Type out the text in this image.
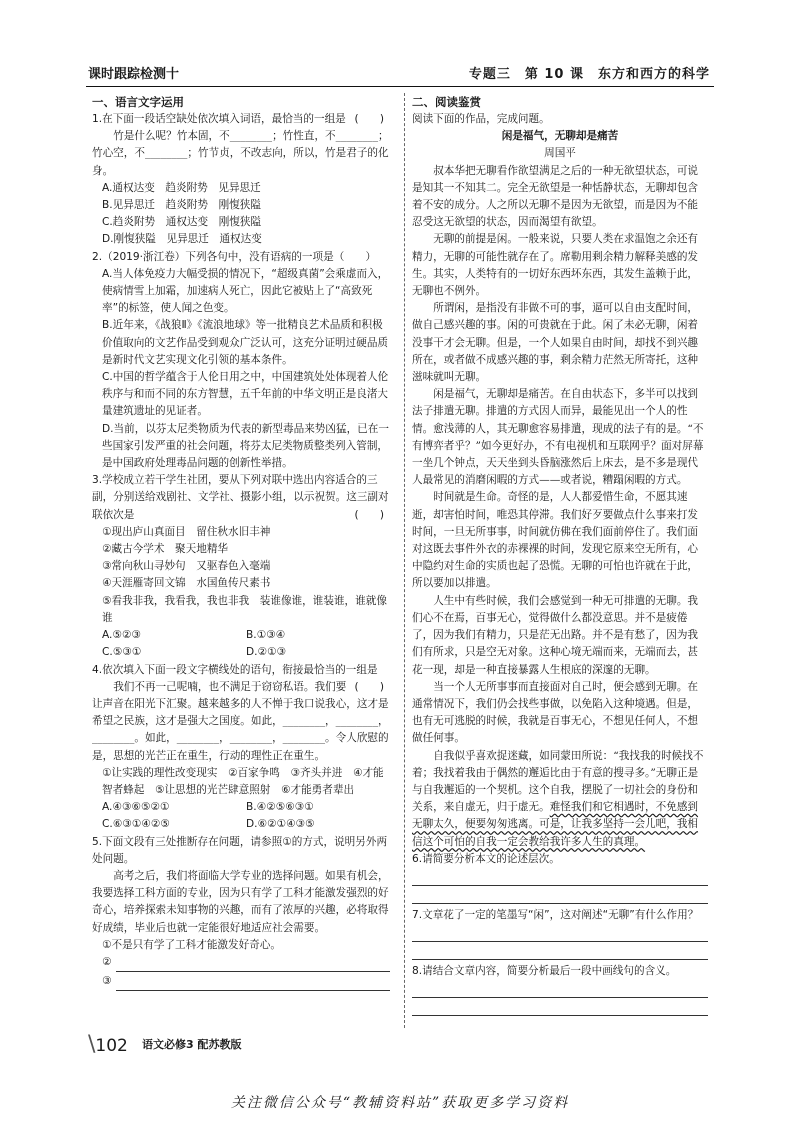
课时跟踪检测十	专题三　第 10 课　东方和西方的科学
一、语言文字运用
1.在下面一段话空缺处依次填入词语，最恰当的一组是 (　　)
竹是什么呢？竹本固，不________；竹性直，不________；竹心空，不________；竹节贞，不改志向，所以，竹是君子的化身。
A.通权达变　趋炎附势　见异思迁
B.见异思迁　趋炎附势　刚愎狭隘
C.趋炎附势　通权达变　刚愎狭隘
D.刚愎狭隘　见异思迁　通权达变
2.（2019·浙江卷）下列各句中，没有语病的一项是（　　）
A.当人体免疫力大幅受损的情况下，“超级真菌”会乘虚而入，使病情雪上加霜，加速病人死亡，因此它被贴上了“高致死率”的标签，使人闻之色变。
B.近年来，《战狼Ⅱ》《流浪地球》等一批精良艺术品质和积极价值取向的文艺作品受到观众广泛认可，这充分证明过硬品质是新时代文艺实现文化引领的基本条件。
C.中国的哲学蕴含于人伦日用之中，中国建筑处处体现着人伦秩序与和而不同的东方智慧，五千年前的中华文明正是良渚大量建筑遗址的见证者。
D.当前，以芬太尼类物质为代表的新型毒品来势凶猛，已在一些国家引发严重的社会问题，将芬太尼类物质整类列入管制，是中国政府处理毒品问题的创新性举措。
3.学校成立若干学生社团，要从下列对联中选出内容适合的三副，分别送给戏剧社、文学社、摄影小组，以示祝贺。这三副对联依次是	(　　)
①现出庐山真面目　留住秋水旧丰神
②藏古今学术　聚天地精华
③常向秋山寻妙句　又驱春色入毫端
④天涯雁寄回文锦　水国鱼传尺素书
⑤看我非我，我看我，我也非我　装谁像谁，谁装谁，谁就像谁
A.⑤②③	B.①③④
C.⑤③①	D.②①③
4.依次填入下面一段文字横线处的语句，衔接最恰当的一组是
(　　)
我们不再一己呢喃，也不满足于窃窃私语。我们要让声音在阳光下汇聚。越来越多的人不惮于我口说我心，这才是希望之民族，这才是强大之国度。如此，________，________，________。如此，________，________，________。令人欣慰的是，思想的光芒正在重生，行动的理性正在重生。
①让实践的理性改变现实　②百家争鸣　③齐头并进　④才能智者蜂起　⑤让思想的光芒肆意照射　⑥才能勇者辈出
A.④③⑥⑤②①	B.④②⑤⑥③①
C.⑥③①④②⑤	D.⑥②①④③⑤
5.下面文段有三处推断存在问题，请参照①的方式，说明另外两处问题。
高考之后，我们将面临大学专业的选择问题。如果有机会，我要选择工科方面的专业，因为只有学了工科才能激发强烈的好奇心，培养探索未知事物的兴趣，而有了浓厚的兴趣，必将取得好成绩，毕业后也就一定能很好地适应社会需要。
①不是只有学了工科才能激发好奇心。
②
③
二、阅读鉴赏
阅读下面的作品，完成问题。
闲是福气，无聊却是痛苦
周国平
叔本华把无聊看作欲望满足之后的一种无欲望状态，可说是知其一不知其二。完全无欲望是一种恬静状态，无聊却包含着不安的成分。人之所以无聊不是因为无欲望，而是因为不能忍受这无欲望的状态，因而渴望有欲望。
无聊的前提是闲。一般来说，只要人类在求温饱之余还有精力，无聊的可能性就存在了。席勒用剩余精力解释美感的发生。其实，人类特有的一切好东西坏东西，其发生盖赖于此，无聊也不例外。
所谓闲，是指没有非做不可的事，逼可以自由支配时间，做自己感兴趣的事。闲的可贵就在于此。闲了未必无聊，闲着没事干才会无聊。但是，一个人如果自由时间，却找不到兴趣所在，或者做不成感兴趣的事，剩余精力茫然无所寄托，这种滋味就叫无聊。
闲是福气，无聊却是痛苦。在自由状态下，多半可以找到法子排遣无聊。排遣的方式因人而异，最能见出一个人的性情。愈浅薄的人，其无聊愈容易排遣，现成的法子有的是。“不有博弈者乎？”如今更好办，不有电视机和互联网乎？面对屏幕一坐几个钟点，天天坐到头昏脑涨然后上床去，是不多是现代人最常见的消磨闲暇的方式——或者说，糟蹋闲暇的方式。
时间就是生命。奇怪的是，人人都爱惜生命，不愿其速逝，却害怕时间，唯恐其停滞。我们好歹要做点什么事来打发时间，一旦无所事事，时间就仿佛在我们面前停住了。我们面对这既去事件外衣的赤裸裸的时间，发现它原来空无所有，心中隐约对生命的实质也起了恐慌。无聊的可怕也许就在于此，所以要加以排遣。
人生中有些时候，我们会感觉到一种无可排遣的无聊。我们心不在焉，百事无心，觉得做什么都没意思。并不是疲倦了，因为我们有精力，只是茫无出路。并不是有愁了，因为我们有所求，只是空无对象。这种心境无端而来，无端而去，甚花一现，却是一种直接暴露人生根底的深邃的无聊。
当一个人无所事事而直接面对自己时，便会感到无聊。在通常情况下，我们仍会找些事做，以免陷入这种境遇。但是，也有无可逃脱的时候，我就是百事无心，不想见任何人，不想做任何事。
自我似乎喜欢捉迷藏，如同蒙田所说：“我找我的时候找不着；我找着我由于偶然的邂逅比由于有意的搜寻多。”无聊正是与自我邂逅的一个契机。这个自我，摆脱了一切社会的身份和关系，来自虚无，归于虚无。难怪我们和它相遇时，不免感到无聊太久，便要匆匆逃离。可是，让我多坚持一会儿吧，我相信这个可怕的自我一定会教给我许多人生的真理。
6.请简要分析本文的论述层次。
7.文章花了一定的笔墨写“闲”，这对阐述“无聊”有什么作用？
8.请结合文章内容，简要分析最后一段中画线句的含义。
\102 语文必修3 配苏教版
关注微信公众号“教辅资料站”获取更多学习资料
